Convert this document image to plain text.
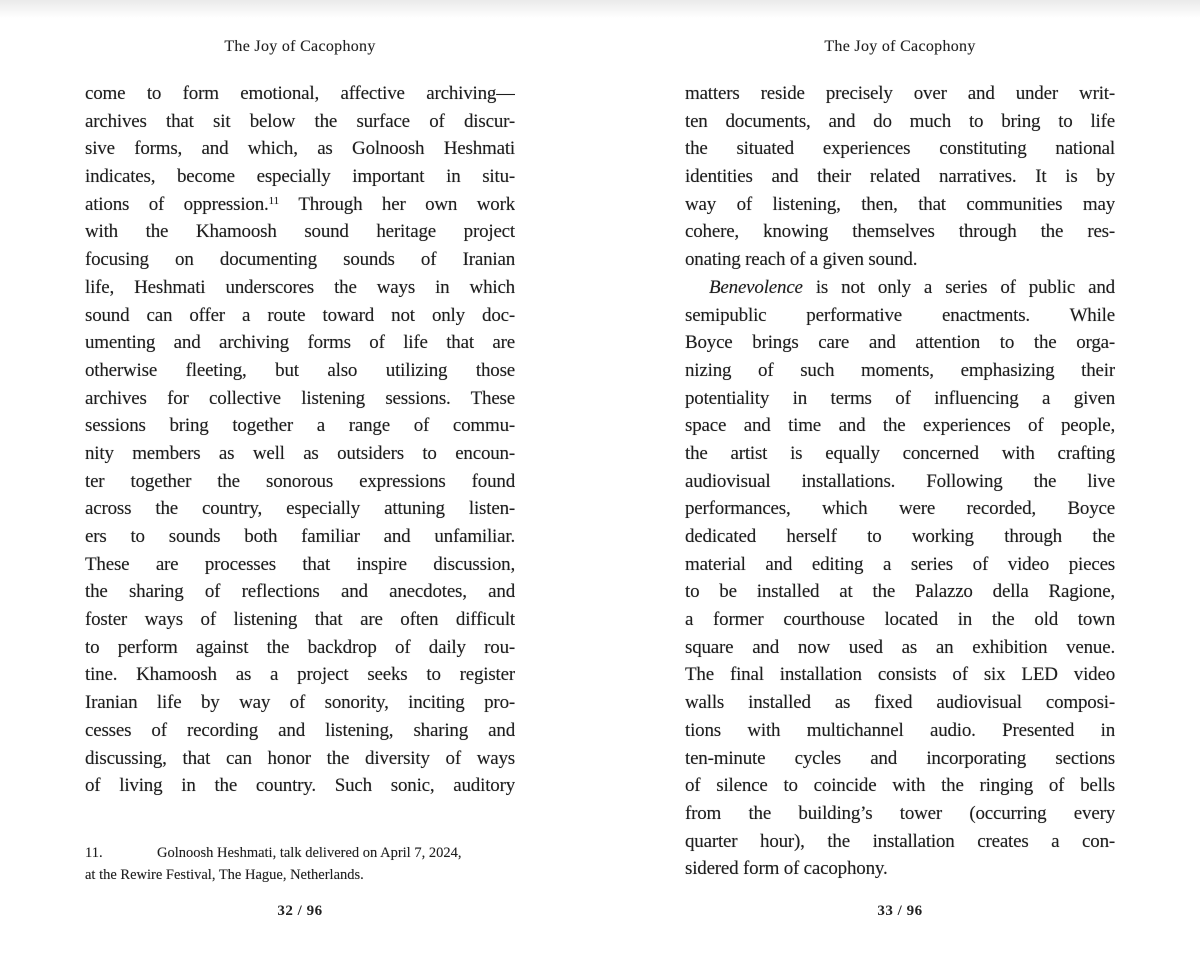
The Joy of Cacophony
come to form emotional, affective archiving—
archives that sit below the surface of discur-
sive forms, and which, as Golnoosh Heshmati
indicates, become especially important in situ-
ations of oppression.$^{11}$ Through her own work
with the Khamoosh sound heritage project
focusing on documenting sounds of Iranian
life, Heshmati underscores the ways in which
sound can offer a route toward not only doc-
umenting and archiving forms of life that are
otherwise fleeting, but also utilizing those
archives for collective listening sessions. These
sessions bring together a range of commu-
nity members as well as outsiders to encoun-
ter together the sonorous expressions found
across the country, especially attuning listen-
ers to sounds both familiar and unfamiliar.
These are processes that inspire discussion,
the sharing of reflections and anecdotes, and
foster ways of listening that are often difficult
to perform against the backdrop of daily rou-
tine. Khamoosh as a project seeks to register
Iranian life by way of sonority, inciting pro-
cesses of recording and listening, sharing and
discussing, that can honor the diversity of ways
of living in the country. Such sonic, auditory
11.	Golnoosh Heshmati, talk delivered on April 7, 2024,
at the Rewire Festival, The Hague, Netherlands.
32 / 96
The Joy of Cacophony
matters reside precisely over and under writ-
ten documents, and do much to bring to life
the situated experiences constituting national
identities and their related narratives. It is by
way of listening, then, that communities may
cohere, knowing themselves through the res-
onating reach of a given sound.
Benevolence is not only a series of public and
semipublic performative enactments. While
Boyce brings care and attention to the orga-
nizing of such moments, emphasizing their
potentiality in terms of influencing a given
space and time and the experiences of people,
the artist is equally concerned with crafting
audiovisual installations. Following the live
performances, which were recorded, Boyce
dedicated herself to working through the
material and editing a series of video pieces
to be installed at the Palazzo della Ragione,
a former courthouse located in the old town
square and now used as an exhibition venue.
The final installation consists of six LED video
walls installed as fixed audiovisual composi-
tions with multichannel audio. Presented in
ten-minute cycles and incorporating sections
of silence to coincide with the ringing of bells
from the building’s tower (occurring every
quarter hour), the installation creates a con-
sidered form of cacophony.
33 / 96
